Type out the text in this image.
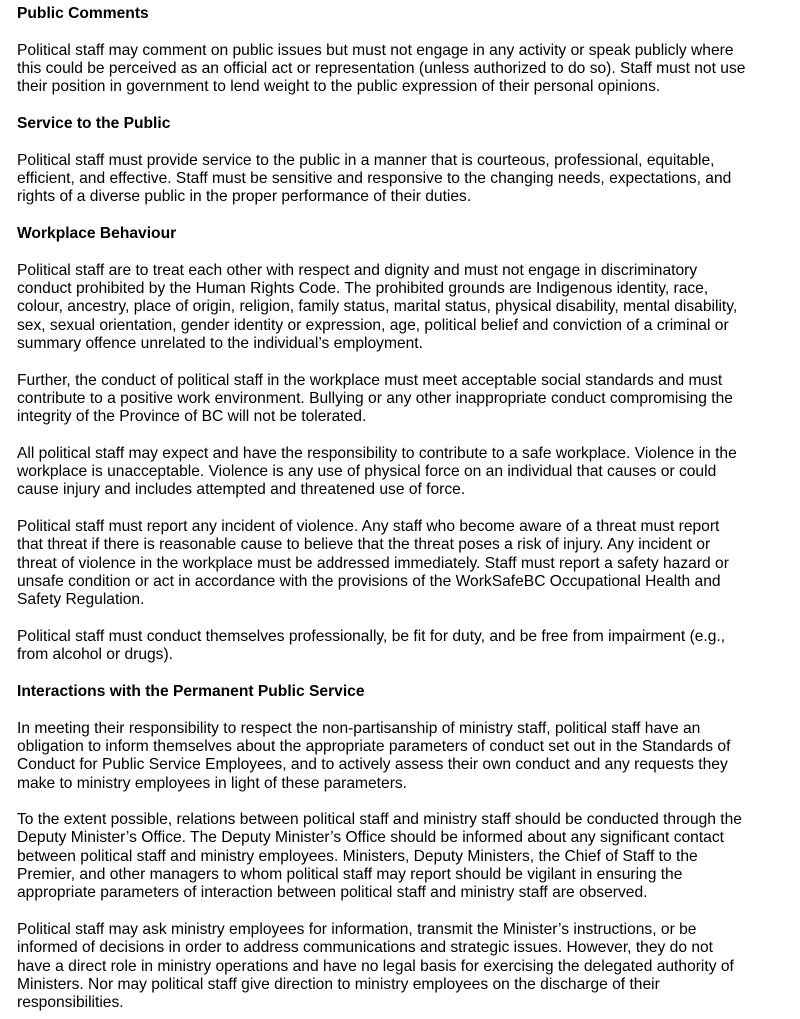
Public Comments

Political staff may comment on public issues but must not engage in any activity or speak publicly where
this could be perceived as an official act or representation (unless authorized to do so). Staff must not use
their position in government to lend weight to the public expression of their personal opinions.

Service to the Public

Political staff must provide service to the public in a manner that is courteous, professional, equitable,
efficient, and effective. Staff must be sensitive and responsive to the changing needs, expectations, and
rights of a diverse public in the proper performance of their duties.

Workplace Behaviour

Political staff are to treat each other with respect and dignity and must not engage in discriminatory
conduct prohibited by the Human Rights Code. The prohibited grounds are Indigenous identity, race,
colour, ancestry, place of origin, religion, family status, marital status, physical disability, mental disability,
sex, sexual orientation, gender identity or expression, age, political belief and conviction of a criminal or
summary offence unrelated to the individual’s employment.

Further, the conduct of political staff in the workplace must meet acceptable social standards and must
contribute to a positive work environment. Bullying or any other inappropriate conduct compromising the
integrity of the Province of BC will not be tolerated.

All political staff may expect and have the responsibility to contribute to a safe workplace. Violence in the
workplace is unacceptable. Violence is any use of physical force on an individual that causes or could
cause injury and includes attempted and threatened use of force.

Political staff must report any incident of violence. Any staff who become aware of a threat must report
that threat if there is reasonable cause to believe that the threat poses a risk of injury. Any incident or
threat of violence in the workplace must be addressed immediately. Staff must report a safety hazard or
unsafe condition or act in accordance with the provisions of the WorkSafeBC Occupational Health and
Safety Regulation.

Political staff must conduct themselves professionally, be fit for duty, and be free from impairment (e.g.,
from alcohol or drugs).

Interactions with the Permanent Public Service

In meeting their responsibility to respect the non-partisanship of ministry staff, political staff have an
obligation to inform themselves about the appropriate parameters of conduct set out in the Standards of
Conduct for Public Service Employees, and to actively assess their own conduct and any requests they
make to ministry employees in light of these parameters.

To the extent possible, relations between political staff and ministry staff should be conducted through the
Deputy Minister’s Office. The Deputy Minister’s Office should be informed about any significant contact
between political staff and ministry employees. Ministers, Deputy Ministers, the Chief of Staff to the
Premier, and other managers to whom political staff may report should be vigilant in ensuring the
appropriate parameters of interaction between political staff and ministry staff are observed.

Political staff may ask ministry employees for information, transmit the Minister’s instructions, or be
informed of decisions in order to address communications and strategic issues. However, they do not
have a direct role in ministry operations and have no legal basis for exercising the delegated authority of
Ministers. Nor may political staff give direction to ministry employees on the discharge of their
responsibilities.
